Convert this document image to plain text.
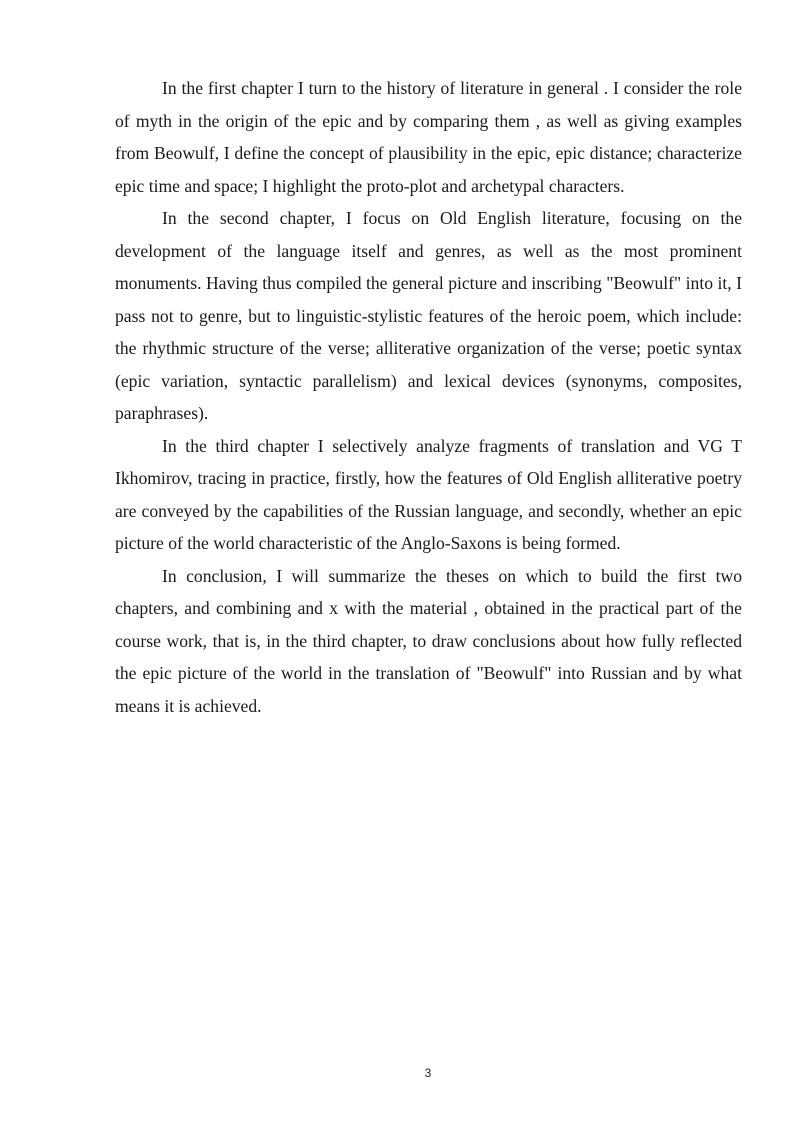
In the first chapter I turn to the history of literature in general . I consider the role of myth in the origin of the epic and by comparing them , as well as giving examples from Beowulf, I define the concept of plausibility in the epic, epic distance; characterize epic time and space; I highlight the proto-plot and archetypal characters.

In the second chapter, I focus on Old English literature, focusing on the development of the language itself and genres, as well as the most prominent monuments. Having thus compiled the general picture and inscribing "Beowulf" into it, I pass not to genre, but to linguistic-stylistic features of the heroic poem, which include: the rhythmic structure of the verse; alliterative organization of the verse; poetic syntax (epic variation, syntactic parallelism) and lexical devices (synonyms, composites, paraphrases).

In the third chapter I selectively analyze fragments of translation and VG T Ikhomirov, tracing in practice, firstly, how the features of Old English alliterative poetry are conveyed by the capabilities of the Russian language, and secondly, whether an epic picture of the world characteristic of the Anglo-Saxons is being formed.

In conclusion, I will summarize the theses on which to build the first two chapters, and combining and x with the material , obtained in the practical part of the course work, that is, in the third chapter, to draw conclusions about how fully reflected the epic picture of the world in the translation of "Beowulf" into Russian and by what means it is achieved.

3
